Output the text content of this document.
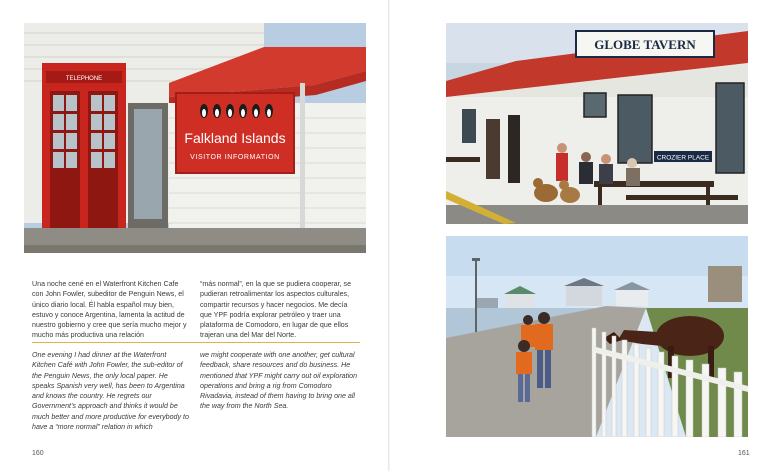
Falkland Islands
VISITOR INFORMATION
TELEPHONE
Una noche cené en el Waterfront Kitchen Cafe con John Fowler, subeditor de Penguin News, el único diario local. Él habla español muy bien, estuvo y conoce Argentina, lamenta la actitud de nuestro gobierno y cree que sería mucho mejor y mucho más productiva una relación
“más normal”, en la que se pudiera cooperar, se pudieran retroalimentar los aspectos culturales, compartir recursos y hacer negocios. Me decía que YPF podría explorar petróleo y traer una plataforma de Comodoro, en lugar de que ellos trajeran una del Mar del Norte.
One evening I had dinner at the Waterfront Kitchen Café with John Fowler, the sub-editor of the Penguin News, the only local paper. He speaks Spanish very well, has been to Argentina and knows the country. He regrets our Government’s approach and thinks it would be much better and more productive for everybody to have a “more normal” relation in which
we might cooperate with one another, get cultural feedback, share resources and do business. He mentioned that YPF might carry out oil exploration operations and bring a rig from Comodoro Rivadavia, instead of them having to bring one all the way from the North Sea.
160
GLOBE TAVERN
CROZIER PLACE
161
